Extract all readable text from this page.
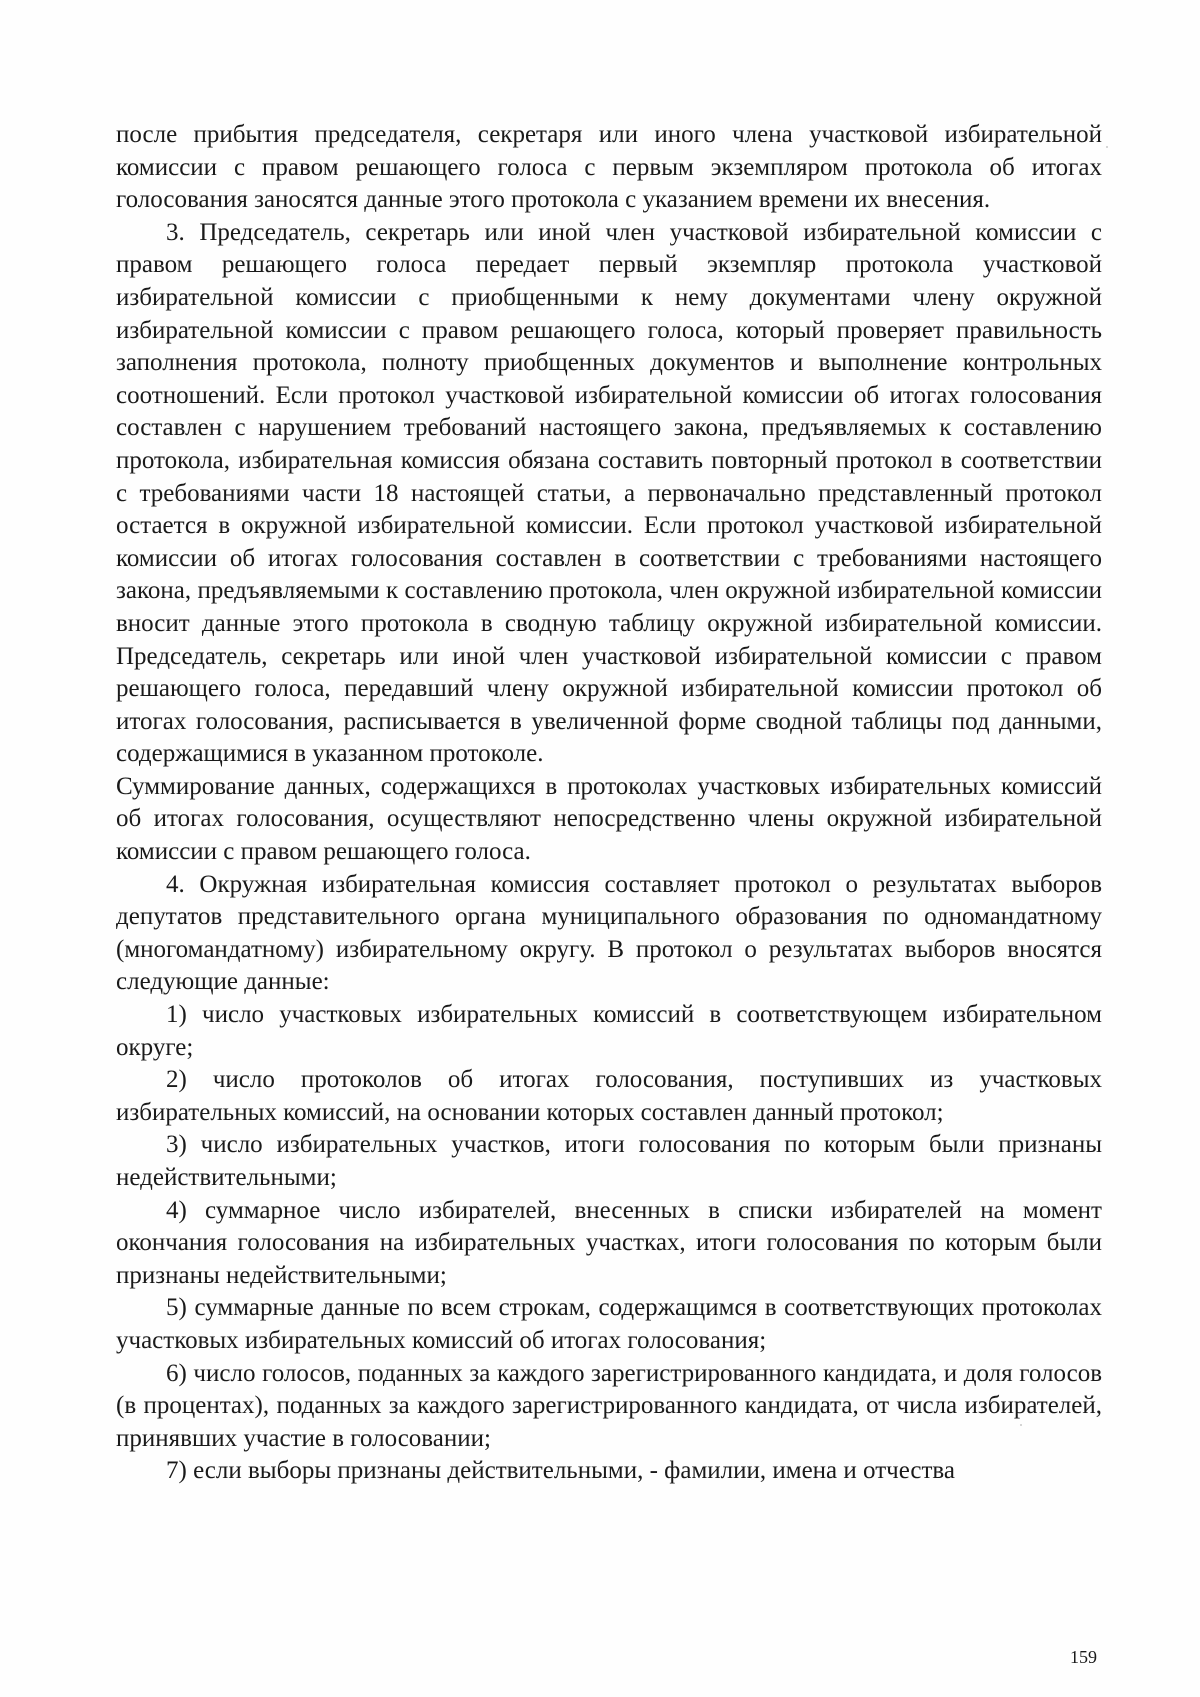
после прибытия председателя, секретаря или иного члена участковой избирательной комиссии с правом решающего голоса с первым экземпляром протокола об итогах голосования заносятся данные этого протокола с указанием времени их внесения.

3. Председатель, секретарь или иной член участковой избирательной комиссии с правом решающего голоса передает первый экземпляр протокола участковой избирательной комиссии с приобщенными к нему документами члену окружной избирательной комиссии с правом решающего голоса, который проверяет правильность заполнения протокола, полноту приобщенных документов и выполнение контрольных соотношений. Если протокол участковой избирательной комиссии об итогах голосования составлен с нарушением требований настоящего закона, предъявляемых к составлению протокола, избирательная комиссия обязана составить повторный протокол в соответствии с требованиями части 18 настоящей статьи, а первоначально представленный протокол остается в окружной избирательной комиссии. Если протокол участковой избирательной комиссии об итогах голосования составлен в соответствии с требованиями настоящего закона, предъявляемыми к составлению протокола, член окружной избирательной комиссии вносит данные этого протокола в сводную таблицу окружной избирательной комиссии. Председатель, секретарь или иной член участковой избирательной комиссии с правом решающего голоса, передавший члену окружной избирательной комиссии протокол об итогах голосования, расписывается в увеличенной форме сводной таблицы под данными, содержащимися в указанном протоколе.

Суммирование данных, содержащихся в протоколах участковых избирательных комиссий об итогах голосования, осуществляют непосредственно члены окружной избирательной комиссии с правом решающего голоса.

4. Окружная избирательная комиссия составляет протокол о результатах выборов депутатов представительного органа муниципального образования по одномандатному (многомандатному) избирательному округу. В протокол о результатах выборов вносятся следующие данные:

1) число участковых избирательных комиссий в соответствующем избирательном округе;

2) число протоколов об итогах голосования, поступивших из участковых избирательных комиссий, на основании которых составлен данный протокол;

3) число избирательных участков, итоги голосования по которым были признаны недействительными;

4) суммарное число избирателей, внесенных в списки избирателей на момент окончания голосования на избирательных участках, итоги голосования по которым были признаны недействительными;

5) суммарные данные по всем строкам, содержащимся в соответствующих протоколах участковых избирательных комиссий об итогах голосования;

6) число голосов, поданных за каждого зарегистрированного кандидата, и доля голосов (в процентах), поданных за каждого зарегистрированного кандидата, от числа избирателей, принявших участие в голосовании;

7) если выборы признаны действительными, - фамилии, имена и отчества

159
